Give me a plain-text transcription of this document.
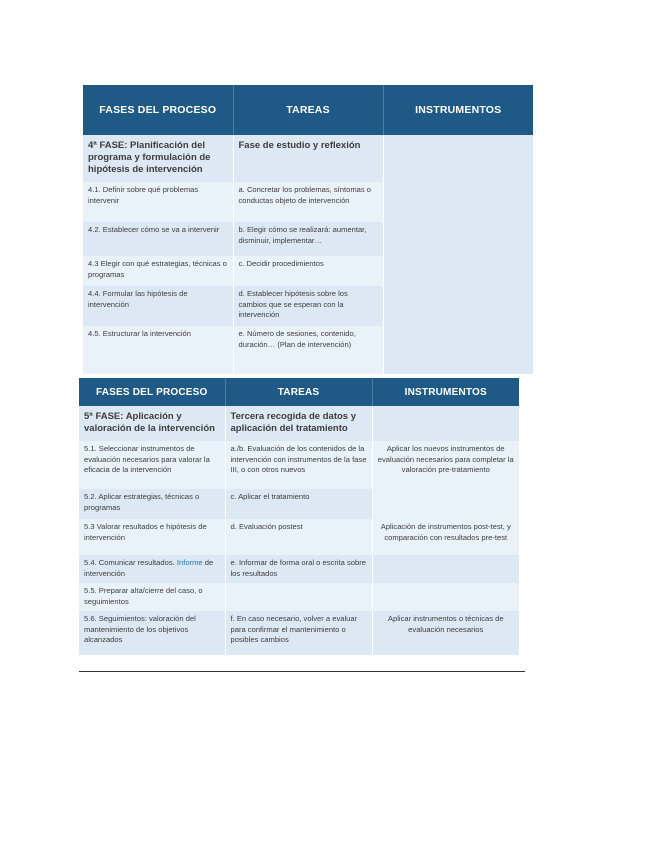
FASES DEL PROCESO	TAREAS	INSTRUMENTOS
4ª FASE: Planificación del programa y formulación de hipótesis de intervención	Fase de estudio y reflexión	
4.1. Definir sobre qué problemas intervenir	a. Concretar los problemas, síntomas o conductas objeto de intervención	
4.2. Establecer cómo se va a intervenir	b. Elegir cómo se realizará: aumentar, disminuir, implementar…	
4.3 Elegir con qué estrategias, técnicas o programas	c. Decidir procedimientos	
4.4. Formular las hipótesis de intervención	d. Establecer hipótesis sobre los cambios que se esperan con la intervención	
4.5. Estructurar la intervención	e. Número de sesiones, contenido, duración… (Plan de intervención)	
FASES DEL PROCESO	TAREAS	INSTRUMENTOS
5ª FASE: Aplicación y valoración de la intervención	Tercera recogida de datos y aplicación del tratamiento	
5.1. Seleccionar instrumentos de evaluación necesarios para valorar la eficacia de la intervención	a./b. Evaluación de los contenidos de la intervención con instrumentos de la fase III, o con otros nuevos	Aplicar los nuevos instrumentos de evaluación necesarios para completar la valoración pre-tratamiento
5.2. Aplicar estrategias, técnicas o programas	c. Aplicar el tratamiento	
5.3 Valorar resultados e hipótesis de intervención	d. Evaluación postest	Aplicación de instrumentos post-test, y comparación con resultados pre-test
5.4. Comunicar resultados. Informe de intervención	e. Informar de forma oral o escrita sobre los resultados	
5.5. Preparar alta/cierre del caso, o seguimientos		
5.6. Seguimientos: valoración del mantenimiento de los objetivos alcanzados	f. En caso necesario, volver a evaluar para confirmar el mantenimiento o posibles cambios	Aplicar instrumentos o técnicas de evaluación necesarios
